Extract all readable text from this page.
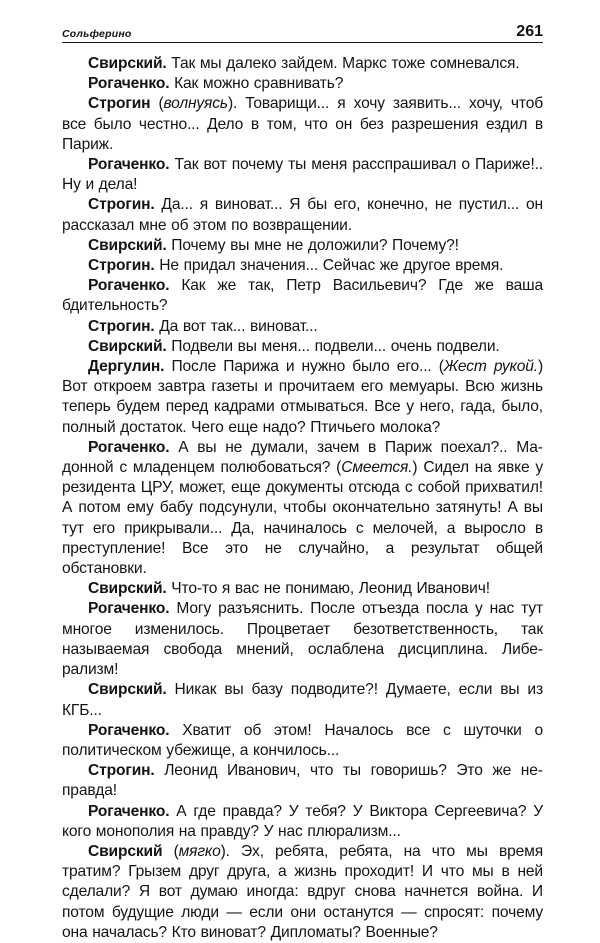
Сольферино	261

Свирский. Так мы далеко зайдем. Маркс тоже сомневался.

Рогаченко. Как можно сравнивать?

Строгин (волнуясь). Товарищи... я хочу заявить... хочу, чтоб все было честно... Дело в том, что он без разрешения ездил в Париж.

Рогаченко. Так вот почему ты меня расспрашивал о Париже!.. Ну и дела!

Строгин. Да... я виноват... Я бы его, конечно, не пустил... он рассказал мне об этом по возвращении.

Свирский. Почему вы мне не доложили? Почему?!

Строгин. Не придал значения... Сейчас же другое время.

Рогаченко. Как же так, Петр Васильевич? Где же ваша бдительность?

Строгин. Да вот так... виноват...

Свирский. Подвели вы меня... подвели... очень подвели.

Дергулин. После Парижа и нужно было его... (Жест рукой.) Вот откроем завтра газеты и прочитаем его мемуары. Всю жизнь теперь будем перед кадрами отмываться. Все у него, гада, было, полный достаток. Чего еще надо? Птичьего молока?

Рогаченко. А вы не думали, зачем в Париж поехал?.. Мадонной с младенцем полюбоваться? (Смеется.) Сидел на явке у резидента ЦРУ, может, еще документы отсюда с собой прихватил! А потом ему бабу подсунули, чтобы окончательно затянуть! А вы тут его прикрывали... Да, начиналось с мелочей, а выросло в преступление! Все это не случайно, а результат общей обстановки.

Свирский. Что-то я вас не понимаю, Леонид Иванович!

Рогаченко. Могу разъяснить. После отъезда посла у нас тут многое изменилось. Процветает безответственность, так называемая свобода мнений, ослаблена дисциплина. Либерализм!

Свирский. Никак вы базу подводите?! Думаете, если вы из КГБ...

Рогаченко. Хватит об этом! Началось все с шуточки о политическом убежище, а кончилось...

Строгин. Леонид Иванович, что ты говоришь? Это же неправда!

Рогаченко. А где правда? У тебя? У Виктора Сергеевича? У кого монополия на правду? У нас плюрализм...

Свирский (мягко). Эх, ребята, ребята, на что мы время тратим? Грызем друг друга, а жизнь проходит! И что мы в ней сделали? Я вот думаю иногда: вдруг снова начнется война. И потом будущие люди — если они останутся — спросят: почему она началась? Кто виноват? Дипломаты? Военные?
